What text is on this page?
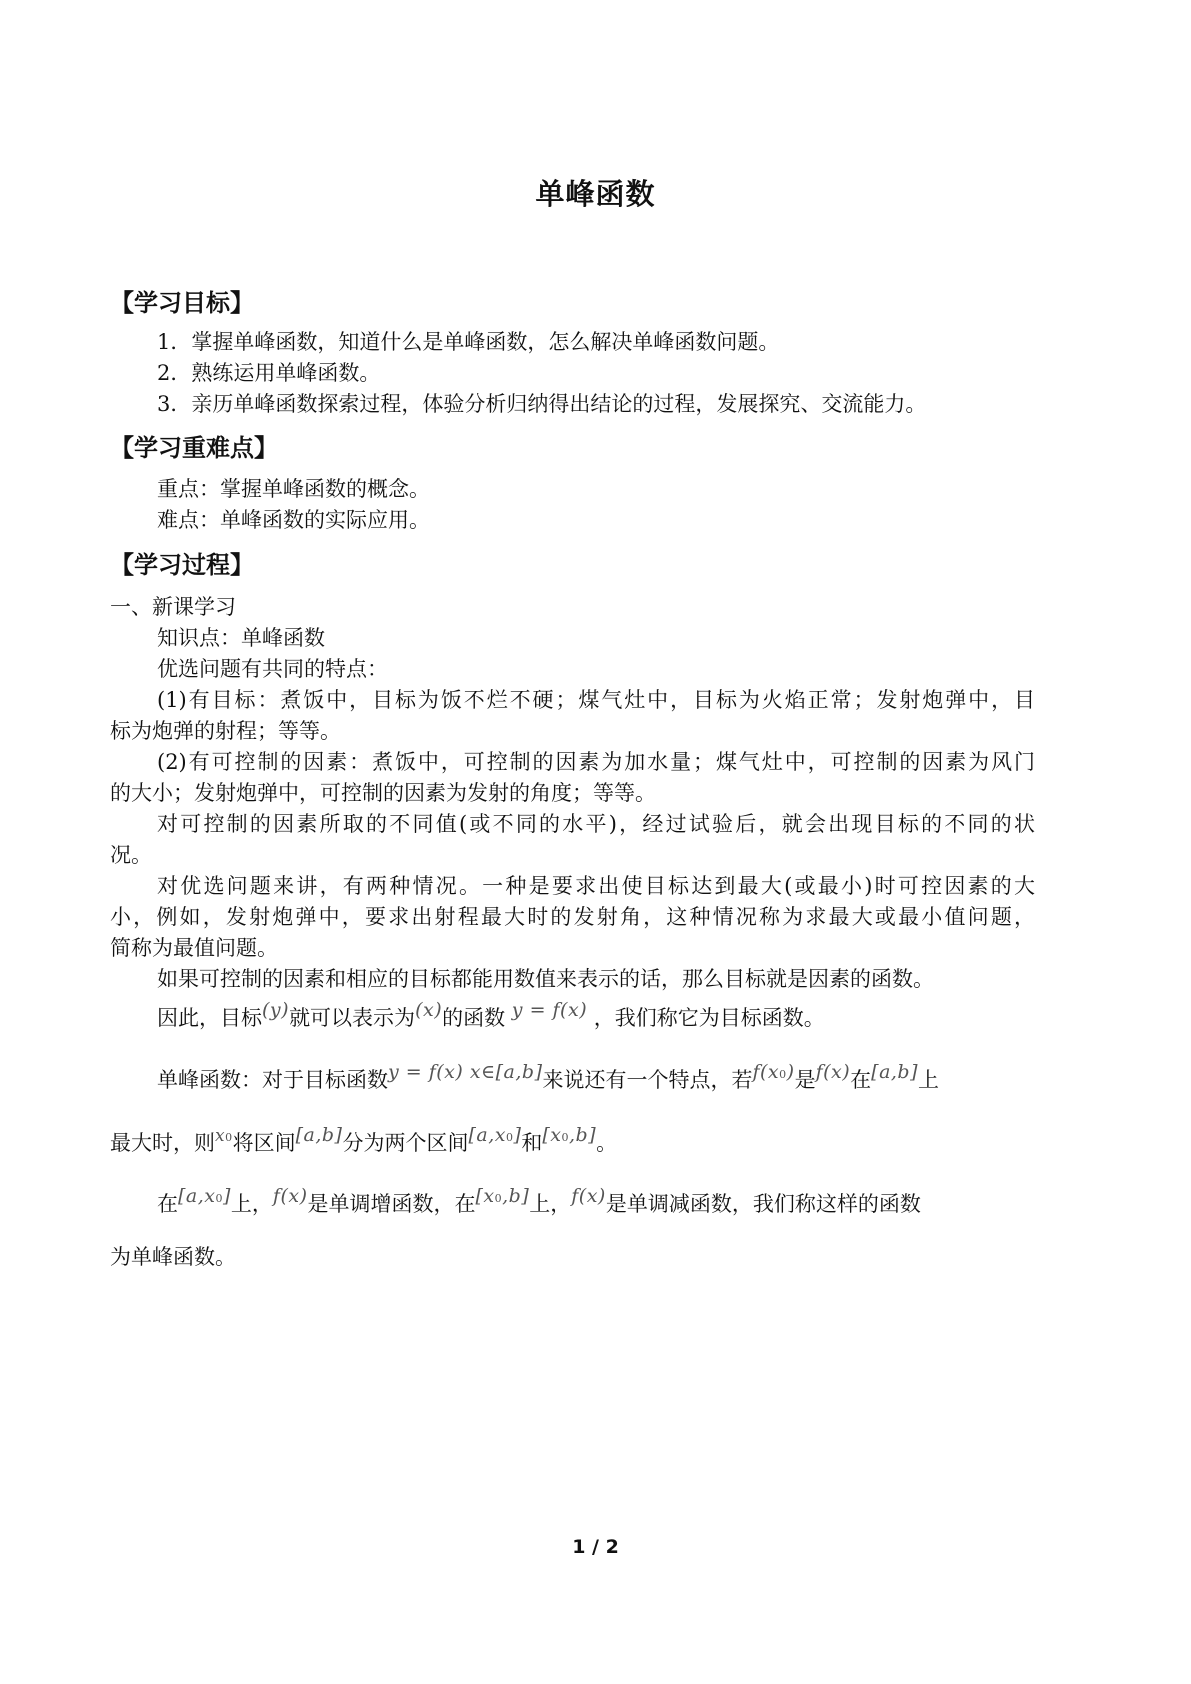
单峰函数
【学习目标】
1．掌握单峰函数，知道什么是单峰函数，怎么解决单峰函数问题。
2．熟练运用单峰函数。
3．亲历单峰函数探索过程，体验分析归纳得出结论的过程，发展探究、交流能力。
【学习重难点】
重点：掌握单峰函数的概念。
难点：单峰函数的实际应用。
【学习过程】
一、新课学习
知识点：单峰函数
优选问题有共同的特点：
(1)有目标：煮饭中，目标为饭不烂不硬；煤气灶中，目标为火焰正常；发射炮弹中，目
标为炮弹的射程；等等。
(2)有可控制的因素：煮饭中，可控制的因素为加水量；煤气灶中，可控制的因素为风门
的大小；发射炮弹中，可控制的因素为发射的角度；等等。
对可控制的因素所取的不同值(或不同的水平)，经过试验后，就会出现目标的不同的状
况。
对优选问题来讲，有两种情况。一种是要求出使目标达到最大(或最小)时可控因素的大
小，例如，发射炮弹中，要求出射程最大时的发射角，这种情况称为求最大或最小值问题，
简称为最值问题。
如果可控制的因素和相应的目标都能用数值来表示的话，那么目标就是因素的函数。
因此，目标(y)就可以表示为(x)的函数 y = f(x) ，我们称它为目标函数。
单峰函数：对于目标函数y = f(x) x∈[a,b]来说还有一个特点，若f(x0)是f(x)在[a,b]上
最大时，则$^{x0}$将区间[a,b]分为两个区间[a,x0]和[x0,b]。
在[a,x0]上，f(x)是单调增函数，在[x0,b]上，f(x)是单调减函数，我们称这样的函数
为单峰函数。
1 / 2
